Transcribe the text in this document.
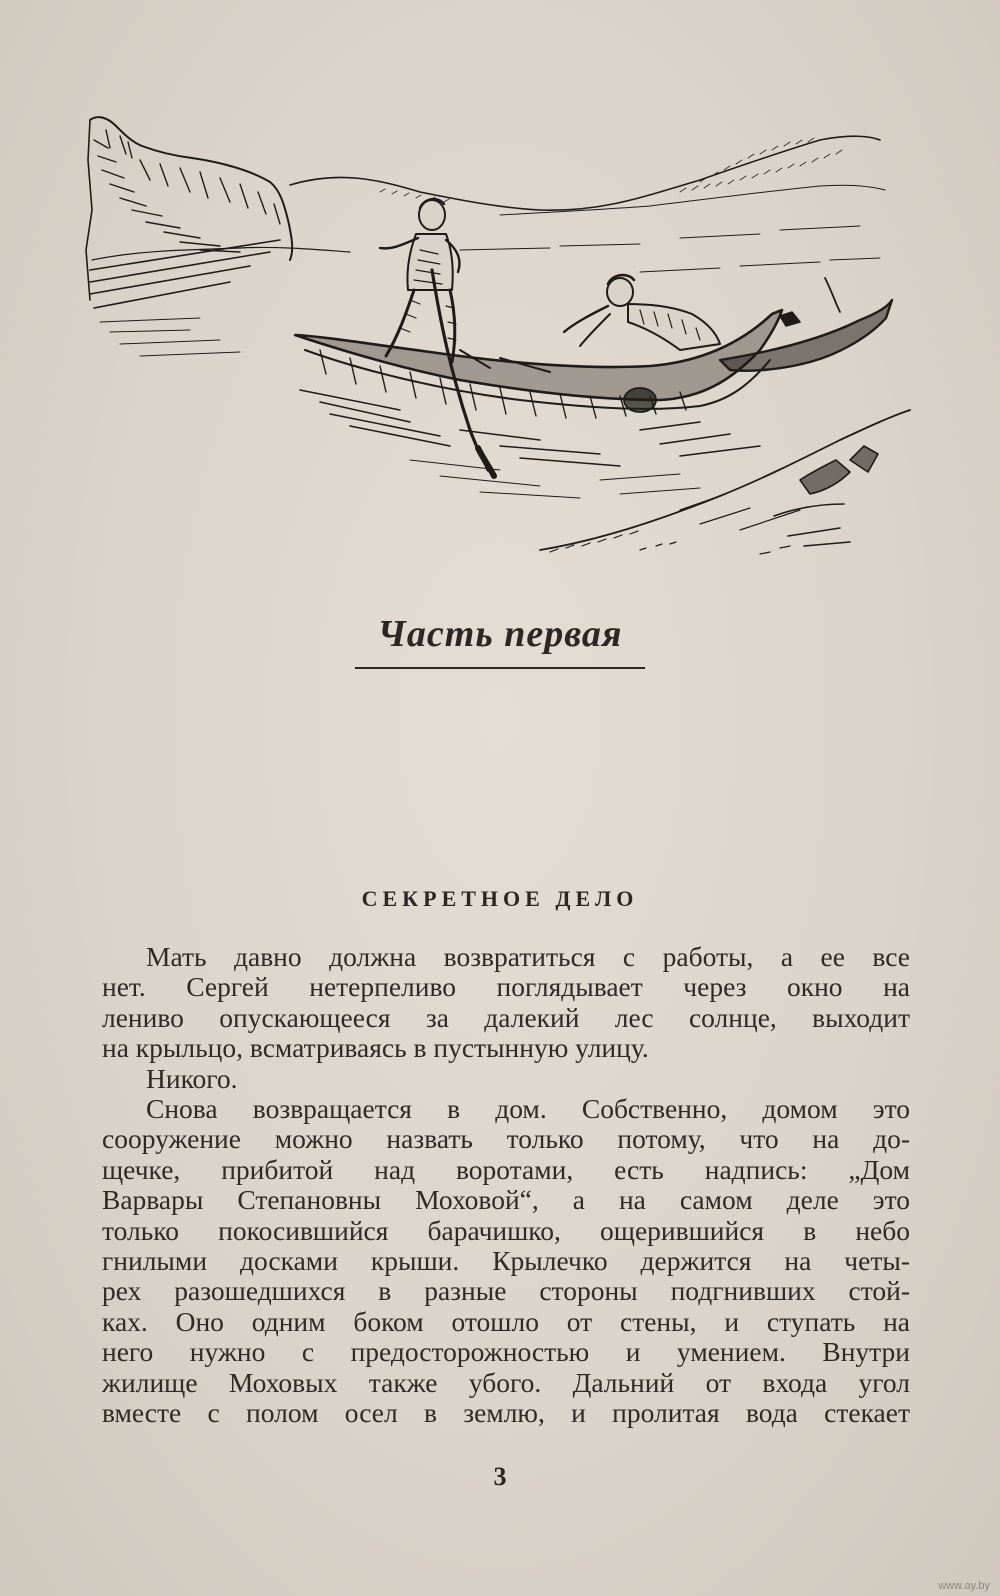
Часть первая
СЕКРЕТНОЕ ДЕЛО
Мать давно должна возвратиться с работы, а ее все
нет. Сергей нетерпеливо поглядывает через окно на
лениво опускающееся за далекий лес солнце, выходит
на крыльцо, всматриваясь в пустынную улицу.
Никого.
Снова возвращается в дом. Собственно, домом это
сооружение можно назвать только потому, что на до-
щечке, прибитой над воротами, есть надпись: „Дом
Варвары Степановны Моховой“, а на самом деле это
только покосившийся барачишко, ощерившийся в небо
гнилыми досками крыши. Крылечко держится на четы-
рех разошедшихся в разные стороны подгнивших стой-
ках. Оно одним боком отошло от стены, и ступать на
него нужно с предосторожностью и умением. Внутри
жилище Моховых также убого. Дальний от входа угол
вместе с полом осел в землю, и пролитая вода стекает
3
www.ay.by
